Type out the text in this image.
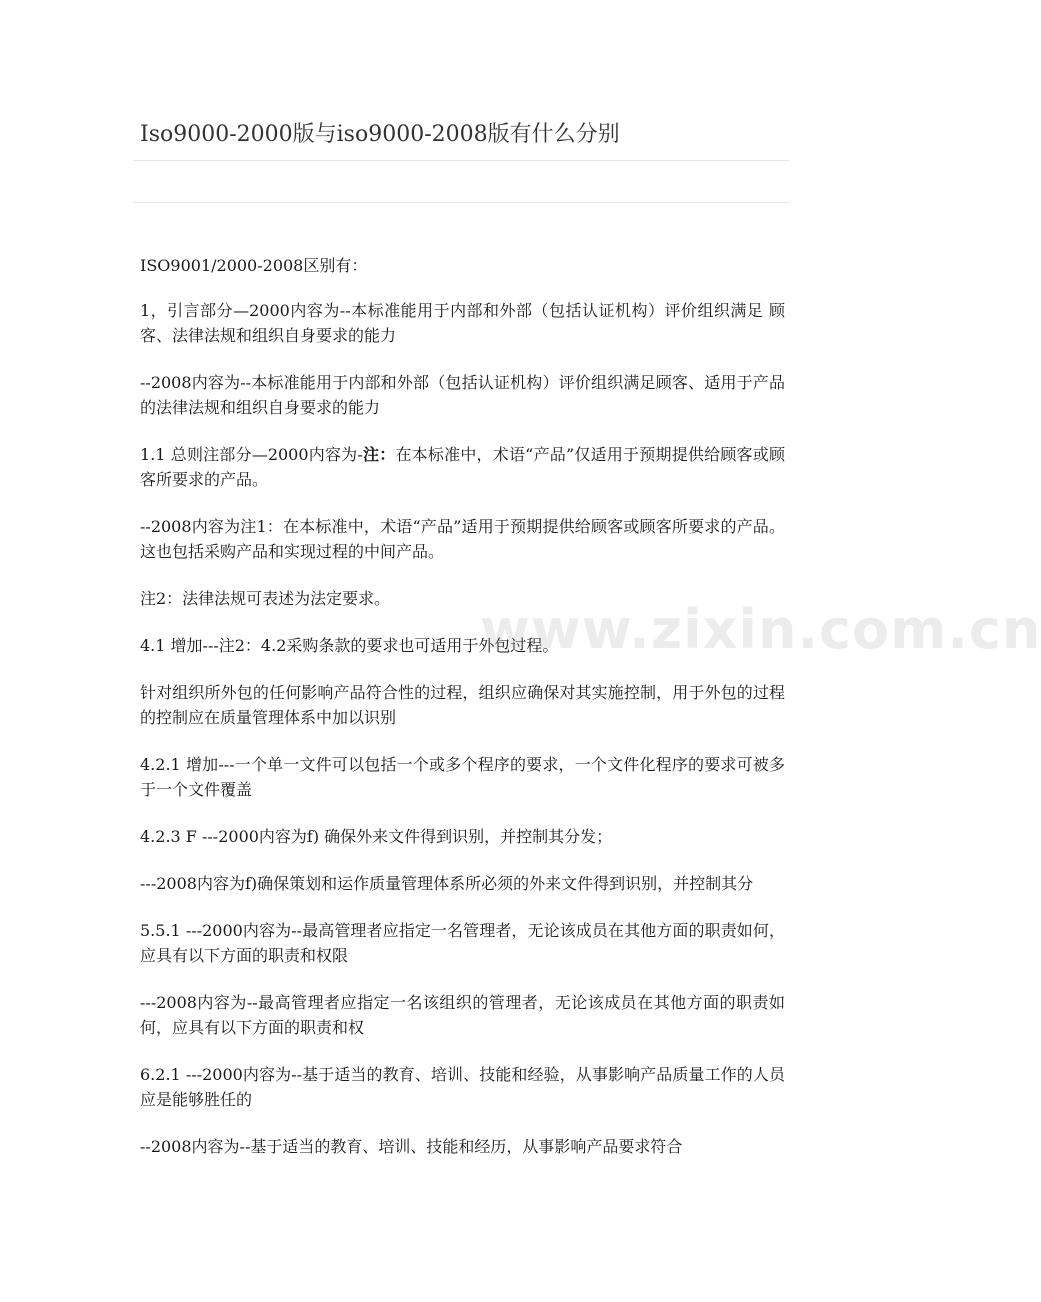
Iso9000-2000版与iso9000-2008版有什么分别

ISO9001/2000-2008区别有：

1，引言部分—2000内容为--本标准能用于内部和外部（包括认证机构）评价组织满足 顾客、法律法规和组织自身要求的能力

--2008内容为--本标准能用于内部和外部（包括认证机构）评价组织满足顾客、适用于产品的法律法规和组织自身要求的能力

1.1 总则注部分—2000内容为-注：在本标准中，术语“产品”仅适用于预期提供给顾客或顾客所要求的产品。

--2008内容为注1：在本标准中，术语“产品”适用于预期提供给顾客或顾客所要求的产品。这也包括采购产品和实现过程的中间产品。

注2：法律法规可表述为法定要求。

4.1 增加---注2：4.2采购条款的要求也可适用于外包过程。

针对组织所外包的任何影响产品符合性的过程，组织应确保对其实施控制，用于外包的过程的控制应在质量管理体系中加以识别

4.2.1 增加---一个单一文件可以包括一个或多个程序的要求，一个文件化程序的要求可被多于一个文件覆盖

4.2.3 F ---2000内容为f) 确保外来文件得到识别，并控制其分发；

---2008内容为f)确保策划和运作质量管理体系所必须的外来文件得到识别，并控制其分

5.5.1 ---2000内容为--最高管理者应指定一名管理者，无论该成员在其他方面的职责如何，应具有以下方面的职责和权限

---2008内容为--最高管理者应指定一名该组织的管理者，无论该成员在其他方面的职责如何，应具有以下方面的职责和权

6.2.1 ---2000内容为--基于适当的教育、培训、技能和经验，从事影响产品质量工作的人员应是能够胜任的

--2008内容为--基于适当的教育、培训、技能和经历，从事影响产品要求符合

www.zixin.com.cn
